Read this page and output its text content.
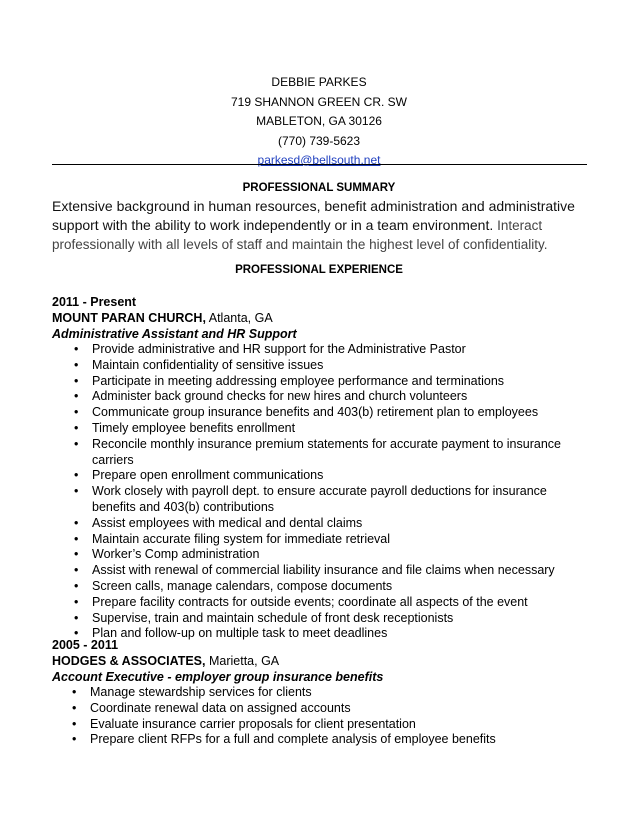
DEBBIE PARKES
719 SHANNON GREEN CR. SW
MABLETON, GA 30126
(770) 739-5623
parkesd@bellsouth.net
PROFESSIONAL SUMMARY
Extensive background in human resources, benefit administration and administrative support with the ability to work independently or in a team environment. Interact professionally with all levels of staff and maintain the highest level of confidentiality.
PROFESSIONAL EXPERIENCE
2011 - Present
MOUNT PARAN CHURCH, Atlanta, GA
Administrative Assistant and HR Support
• Provide administrative and HR support for the Administrative Pastor
• Maintain confidentiality of sensitive issues
• Participate in meeting addressing employee performance and terminations
• Administer back ground checks for new hires and church volunteers
• Communicate group insurance benefits and 403(b) retirement plan to employees
• Timely employee benefits enrollment
• Reconcile monthly insurance premium statements for accurate payment to insurance carriers
• Prepare open enrollment communications
• Work closely with payroll dept. to ensure accurate payroll deductions for insurance benefits and 403(b) contributions
• Assist employees with medical and dental claims
• Maintain accurate filing system for immediate retrieval
• Worker’s Comp administration
• Assist with renewal of commercial liability insurance and file claims when necessary
• Screen calls, manage calendars, compose documents
• Prepare facility contracts for outside events; coordinate all aspects of the event
• Supervise, train and maintain schedule of front desk receptionists
• Plan and follow-up on multiple task to meet deadlines
2005 - 2011
HODGES & ASSOCIATES, Marietta, GA
Account Executive - employer group insurance benefits
• Manage stewardship services for clients
• Coordinate renewal data on assigned accounts
• Evaluate insurance carrier proposals for client presentation
• Prepare client RFPs for a full and complete analysis of employee benefits
